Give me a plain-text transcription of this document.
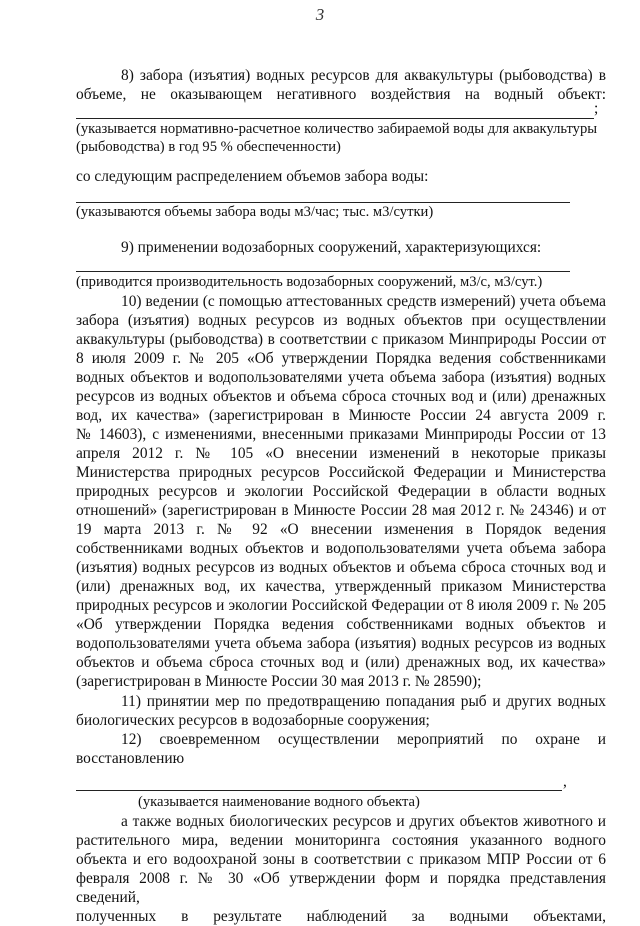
3
8) забора (изъятия) водных ресурсов для аквакультуры (рыбоводства) в
объеме, не оказывающем негативного воздействия на водный объект:
;
(указывается нормативно-расчетное количество забираемой воды для аквакультуры
(рыбоводства) в год 95 % обеспеченности)
со следующим распределением объемов забора воды:
(указываются объемы забора воды м3/час; тыс. м3/сутки)
9) применении водозаборных сооружений, характеризующихся:
(приводится производительность водозаборных сооружений, м3/с, м3/сут.)
10) ведении (с помощью аттестованных средств измерений) учета объема
забора (изъятия) водных ресурсов из водных объектов при осуществлении
аквакультуры (рыбоводства) в соответствии с приказом Минприроды России от
8 июля 2009 г. № 205 «Об утверждении Порядка ведения собственниками
водных объектов и водопользователями учета объема забора (изъятия) водных
ресурсов из водных объектов и объема сброса сточных вод и (или) дренажных
вод, их качества» (зарегистрирован в Минюсте России 24 августа 2009 г.
№ 14603), с изменениями, внесенными приказами Минприроды России от 13
апреля 2012 г. № 105 «О внесении изменений в некоторые приказы
Министерства природных ресурсов Российской Федерации и Министерства
природных ресурсов и экологии Российской Федерации в области водных
отношений» (зарегистрирован в Минюсте России 28 мая 2012 г. № 24346) и от
19 марта 2013 г. № 92 «О внесении изменения в Порядок ведения
собственниками водных объектов и водопользователями учета объема забора
(изъятия) водных ресурсов из водных объектов и объема сброса сточных вод и
(или) дренажных вод, их качества, утвержденный приказом Министерства
природных ресурсов и экологии Российской Федерации от 8 июля 2009 г. № 205
«Об утверждении Порядка ведения собственниками водных объектов и
водопользователями учета объема забора (изъятия) водных ресурсов из водных
объектов и объема сброса сточных вод и (или) дренажных вод, их качества»
(зарегистрирован в Минюсте России 30 мая 2013 г. № 28590);
11) принятии мер по предотвращению попадания рыб и других водных
биологических ресурсов в водозаборные сооружения;
12) своевременном осуществлении мероприятий по охране и
восстановлению
,
(указывается наименование водного объекта)
а также водных биологических ресурсов и других объектов животного и
растительного мира, ведении мониторинга состояния указанного водного
объекта и его водоохраной зоны в соответствии с приказом МПР России от 6
февраля 2008 г. № 30 «Об утверждении форм и порядка представления сведений,
полученных в результате наблюдений за водными объектами,
